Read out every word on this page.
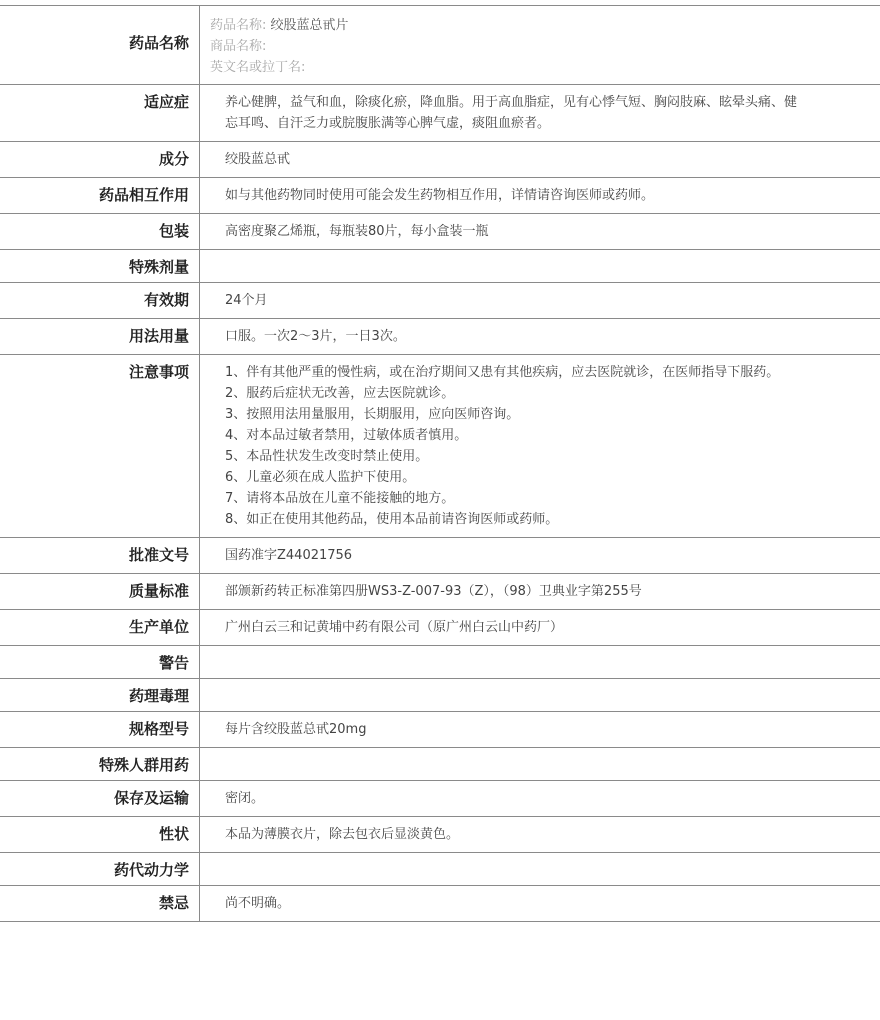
药品名称
药品名称: 绞股蓝总甙片
商品名称:
英文名或拉丁名:
适应症	养心健脾，益气和血，除痰化瘀，降血脂。用于高血脂症，见有心悸气短、胸闷肢麻、眩晕头痛、健忘耳鸣、自汗乏力或脘腹胀满等心脾气虚，痰阻血瘀者。
成分	绞股蓝总甙
药品相互作用	如与其他药物同时使用可能会发生药物相互作用，详情请咨询医师或药师。
包装	高密度聚乙烯瓶，每瓶装80片，每小盒装一瓶
特殊剂量
有效期	24个月
用法用量	口服。一次2～3片，一日3次。
注意事项	1、伴有其他严重的慢性病，或在治疗期间又患有其他疾病，应去医院就诊，在医师指导下服药。
2、服药后症状无改善，应去医院就诊。
3、按照用法用量服用，长期服用，应向医师咨询。
4、对本品过敏者禁用，过敏体质者慎用。
5、本品性状发生改变时禁止使用。
6、儿童必须在成人监护下使用。
7、请将本品放在儿童不能接触的地方。
8、如正在使用其他药品，使用本品前请咨询医师或药师。
批准文号	国药准字Z44021756
质量标准	部颁新药转正标准第四册WS3-Z-007-93（Z），（98）卫典业字第255号
生产单位	广州白云三和记黄埔中药有限公司（原广州白云山中药厂）
警告
药理毒理
规格型号	每片含绞股蓝总甙20mg
特殊人群用药
保存及运输	密闭。
性状	本品为薄膜衣片，除去包衣后显淡黄色。
药代动力学
禁忌	尚不明确。
